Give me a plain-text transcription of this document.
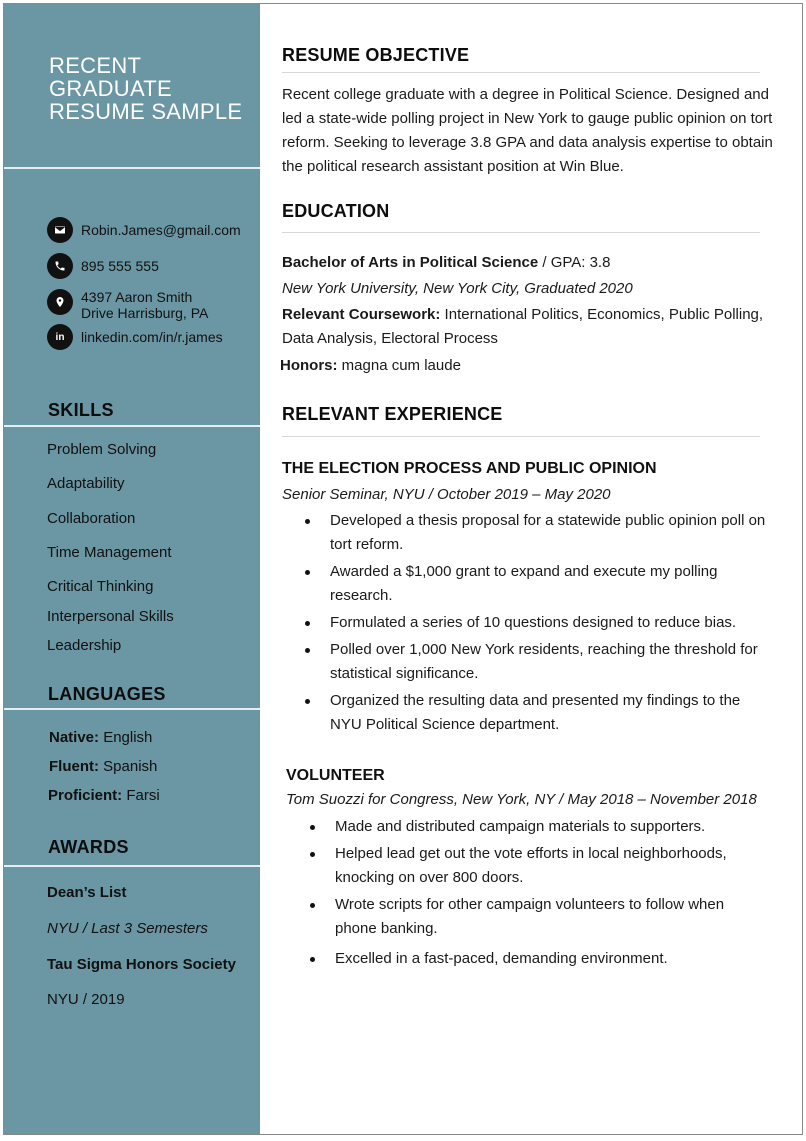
RECENT
GRADUATE
RESUME SAMPLE
Robin.James@gmail.com
895 555 555
4397 Aaron Smith
Drive Harrisburg, PA
in linkedin.com/in/r.james
SKILLS
Problem Solving
Adaptability
Collaboration
Time Management
Critical Thinking
Interpersonal Skills
Leadership
LANGUAGES
Native: English
Fluent: Spanish
Proficient: Farsi
AWARDS
Dean’s List
NYU / Last 3 Semesters
Tau Sigma Honors Society
NYU / 2019
RESUME OBJECTIVE
Recent college graduate with a degree in Political Science. Designed and led a state-wide polling project in New York to gauge public opinion on tort reform. Seeking to leverage 3.8 GPA and data analysis expertise to obtain the political research assistant position at Win Blue.
EDUCATION
Bachelor of Arts in Political Science / GPA: 3.8
New York University, New York City, Graduated 2020
Relevant Coursework: International Politics, Economics, Public Polling,
Data Analysis, Electoral Process
Honors: magna cum laude
RELEVANT EXPERIENCE
THE ELECTION PROCESS AND PUBLIC OPINION
Senior Seminar, NYU / October 2019 – May 2020
Developed a thesis proposal for a statewide public opinion poll on tort reform.
Awarded a $1,000 grant to expand and execute my polling research.
Formulated a series of 10 questions designed to reduce bias.
Polled over 1,000 New York residents, reaching the threshold for statistical significance.
Organized the resulting data and presented my findings to the NYU Political Science department.
VOLUNTEER
Tom Suozzi for Congress, New York, NY / May 2018 – November 2018
Made and distributed campaign materials to supporters.
Helped lead get out the vote efforts in local neighborhoods, knocking on over 800 doors.
Wrote scripts for other campaign volunteers to follow when phone banking.
Excelled in a fast-paced, demanding environment.
